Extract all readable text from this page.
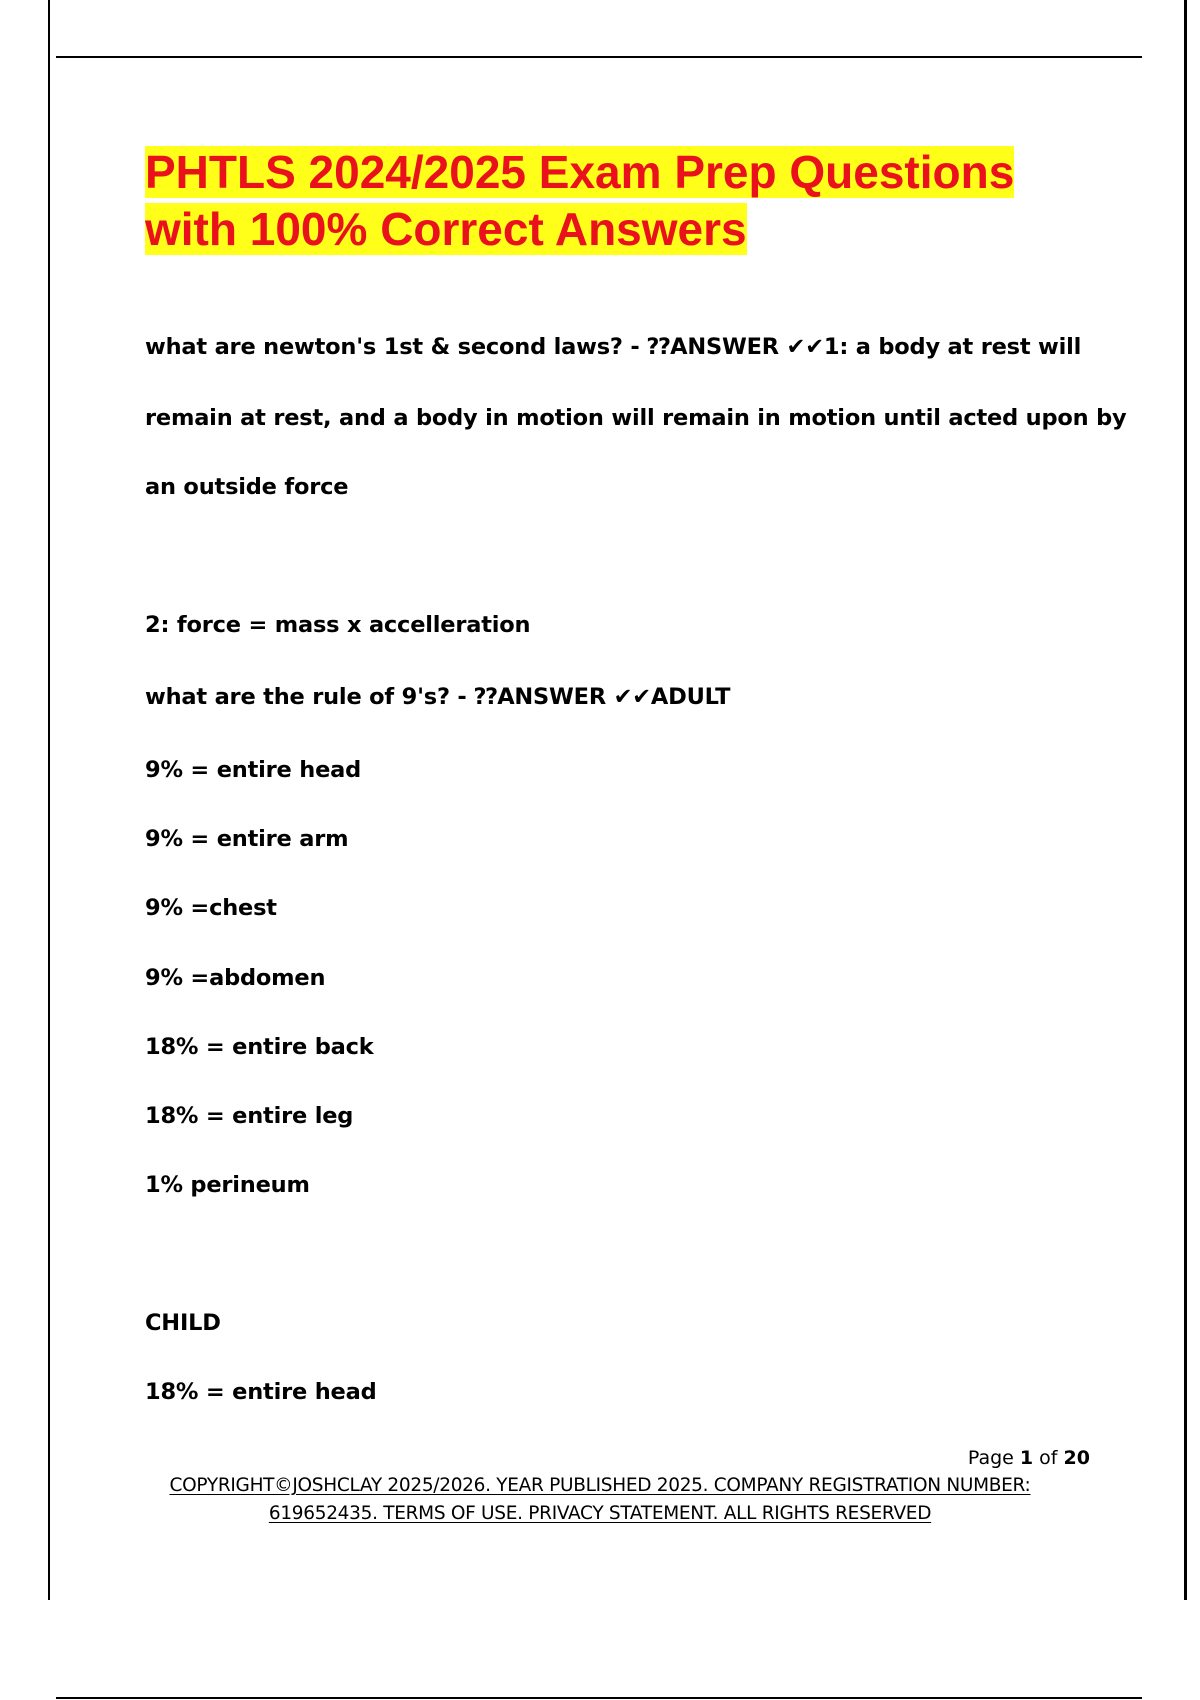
PHTLS 2024/2025 Exam Prep Questions
with 100% Correct Answers

what are newton's 1st & second laws? - ⁇ANSWER ✔✔1: a body at rest will

remain at rest, and a body in motion will remain in motion until acted upon by

an outside force

2: force = mass x accelleration

what are the rule of 9's? - ⁇ANSWER ✔✔ADULT

9% = entire head

9% = entire arm

9% =chest

9% =abdomen

18% = entire back

18% = entire leg

1% perineum

CHILD

18% = entire head

Page 1 of 20
COPYRIGHT©JOSHCLAY 2025/2026. YEAR PUBLISHED 2025. COMPANY REGISTRATION NUMBER:
619652435. TERMS OF USE. PRIVACY STATEMENT. ALL RIGHTS RESERVED
